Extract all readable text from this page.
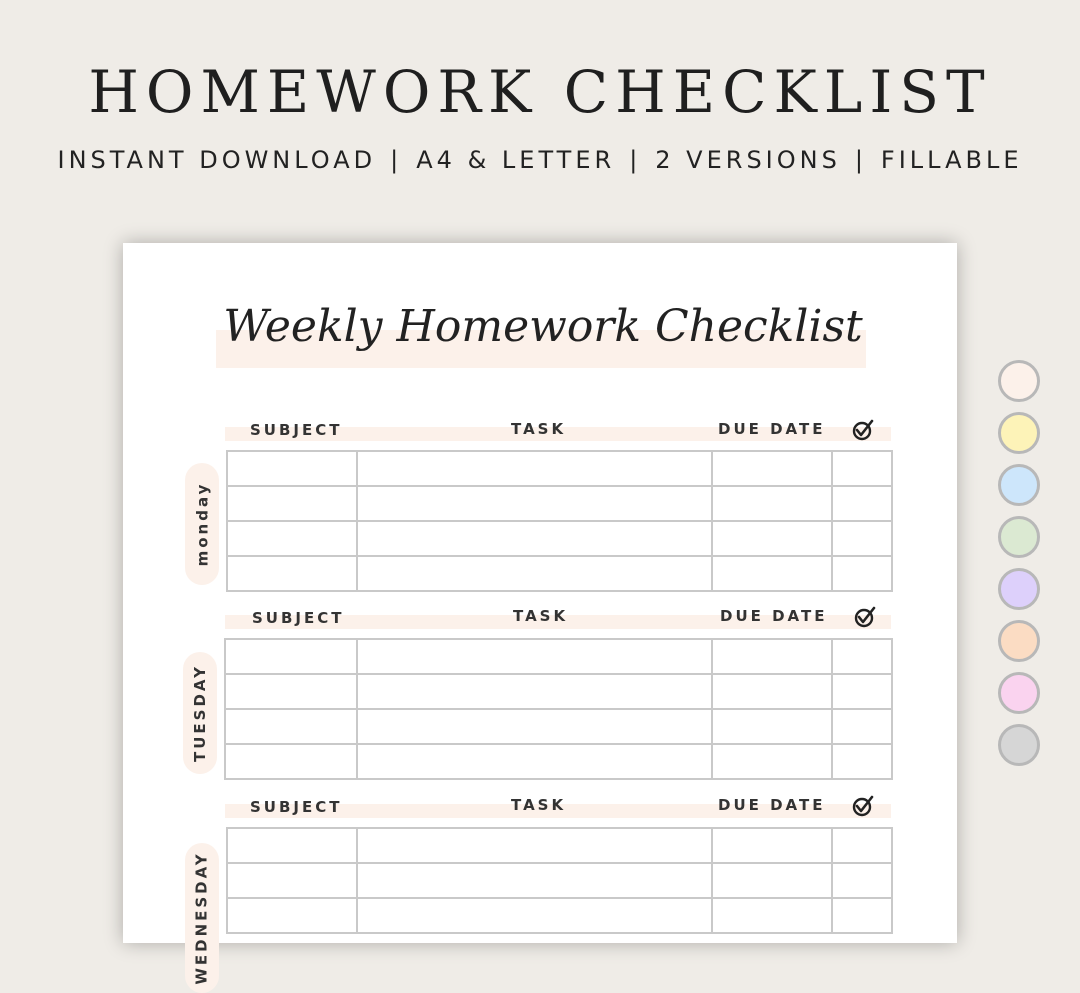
HOMEWORK CHECKLIST
INSTANT DOWNLOAD | A4 & LETTER | 2 VERSIONS | FILLABLE
Weekly Homework Checklist
SUBJECT	TASK	DUE DATE
monday

SUBJECT	TASK	DUE DATE
TUESDAY

SUBJECT	TASK	DUE DATE
WEDNESDAY
